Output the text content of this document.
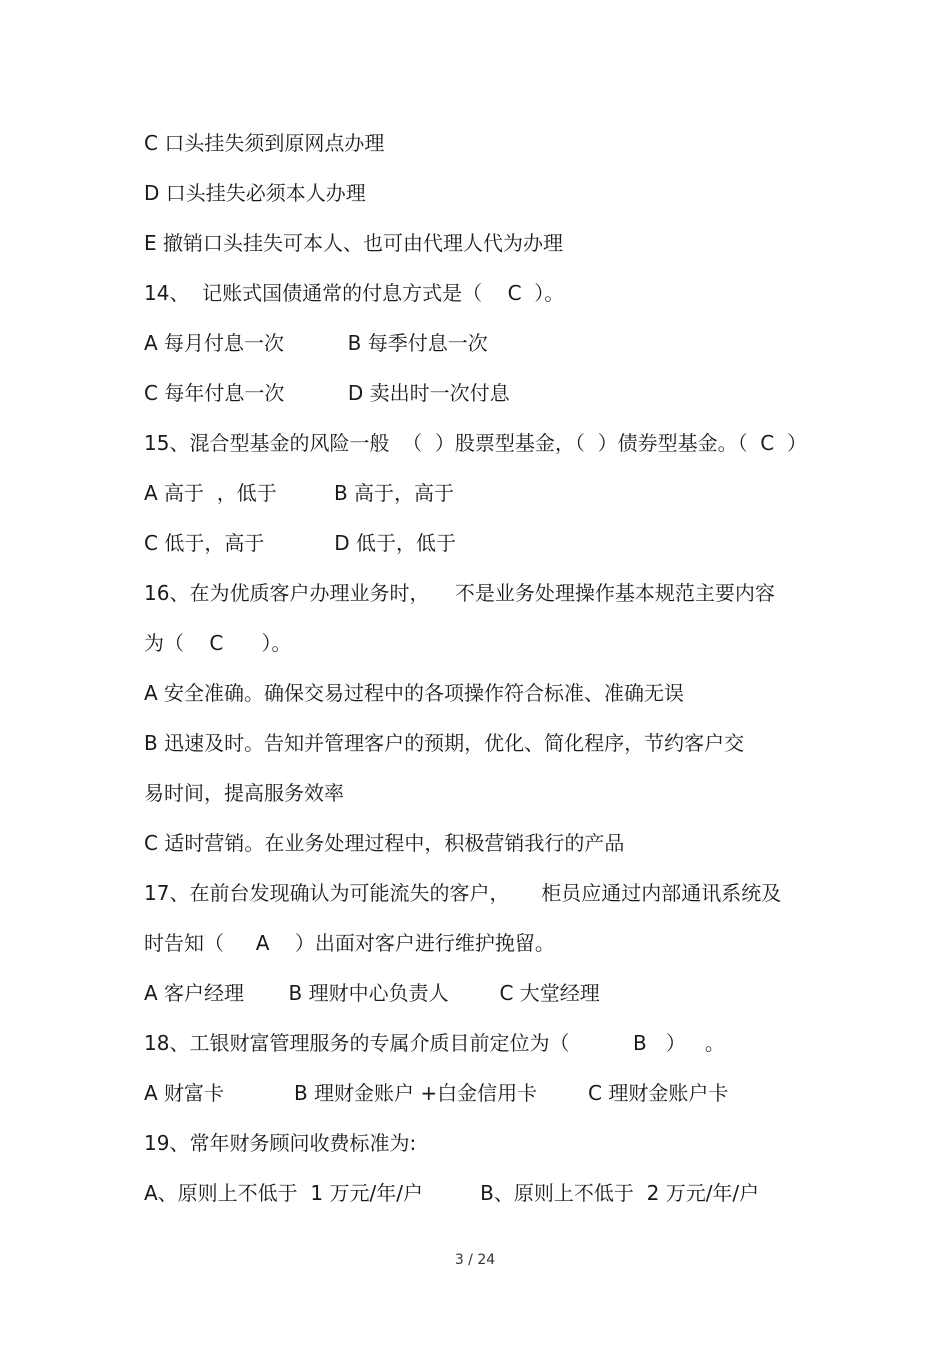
C 口头挂失须到原网点办理
D 口头挂失必须本人办理
E 撤销口头挂失可本人、也可由代理人代为办理
14、  记账式国债通常的付息方式是（    C  ）。
A 每月付息一次          B 每季付息一次
C 每年付息一次          D 卖出时一次付息
15、混合型基金的风险一般  （  ）股票型基金，（  ）债券型基金。（  C  ）
A 高于  ，低于         B 高于，高于
C 低于，高于           D 低于，低于
16、在为优质客户办理业务时，    不是业务处理操作基本规范主要内容
为（    C      ）。
A 安全准确。确保交易过程中的各项操作符合标准、准确无误
B 迅速及时。告知并管理客户的预期，优化、简化程序，节约客户交
易时间，提高服务效率
C 适时营销。在业务处理过程中，积极营销我行的产品
17、在前台发现确认为可能流失的客户，     柜员应通过内部通讯系统及
时告知（     A    ）出面对客户进行维护挽留。
A 客户经理       B 理财中心负责人        C 大堂经理
18、工银财富管理服务的专属介质目前定位为（          B   ）   。
A 财富卡           B 理财金账户 +白金信用卡        C 理财金账户卡
19、常年财务顾问收费标准为:
A、原则上不低于  1 万元/年/户         B、原则上不低于  2 万元/年/户
3 / 24
